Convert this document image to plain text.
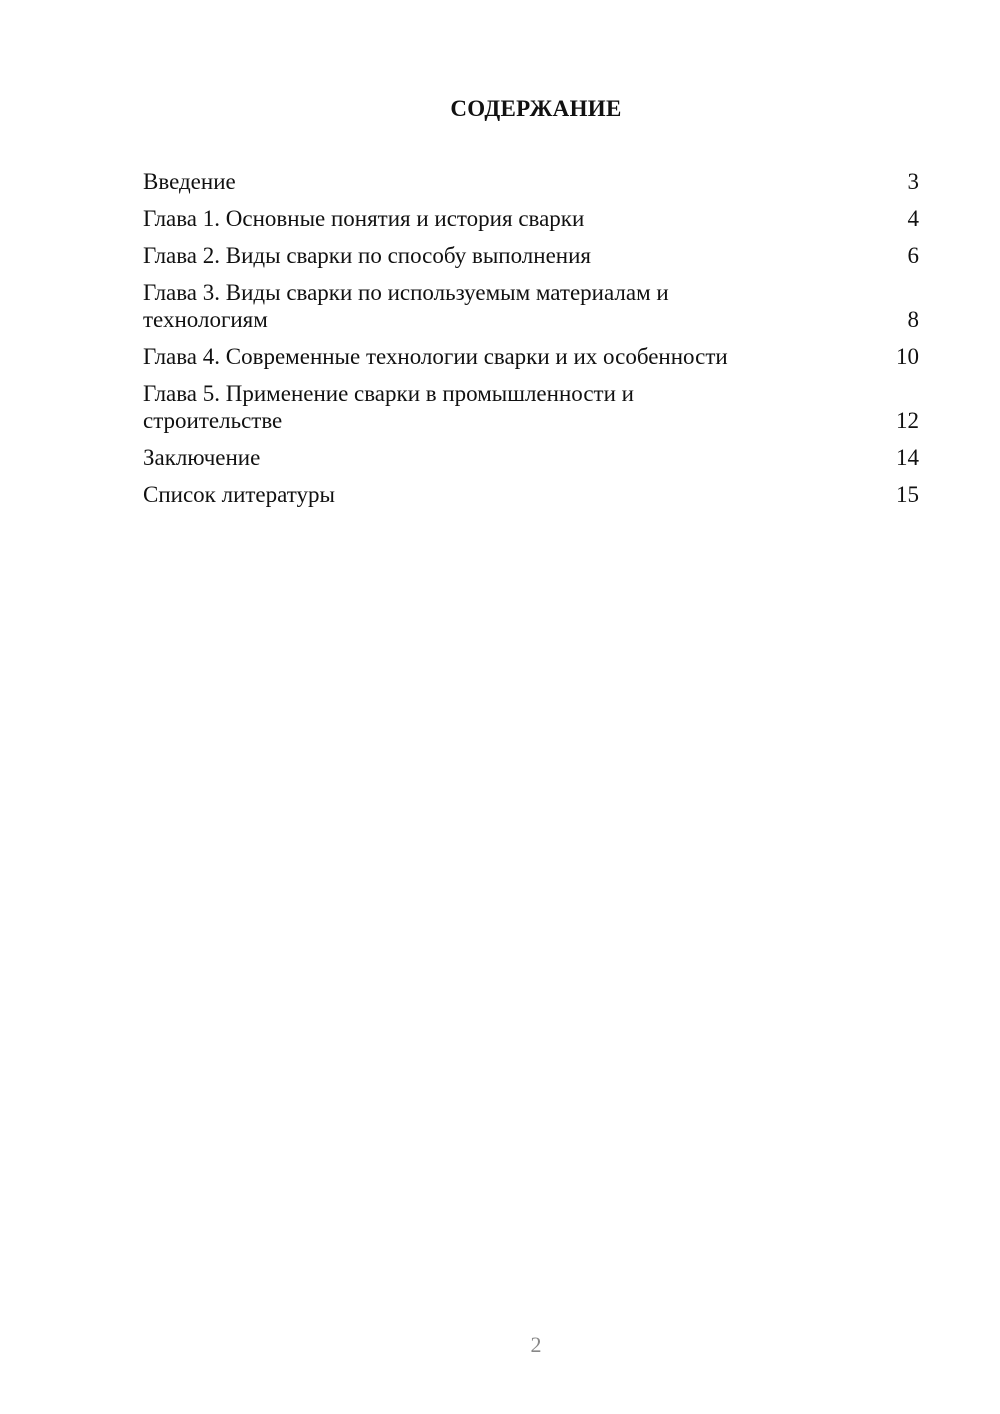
СОДЕРЖАНИЕ
Введение	3
Глава 1. Основные понятия и история сварки	4
Глава 2. Виды сварки по способу выполнения	6
Глава 3. Виды сварки по используемым материалам и технологиям	8
Глава 4. Современные технологии сварки и их особенности	10
Глава 5. Применение сварки в промышленности и строительстве	12
Заключение	14
Список литературы	15
2
